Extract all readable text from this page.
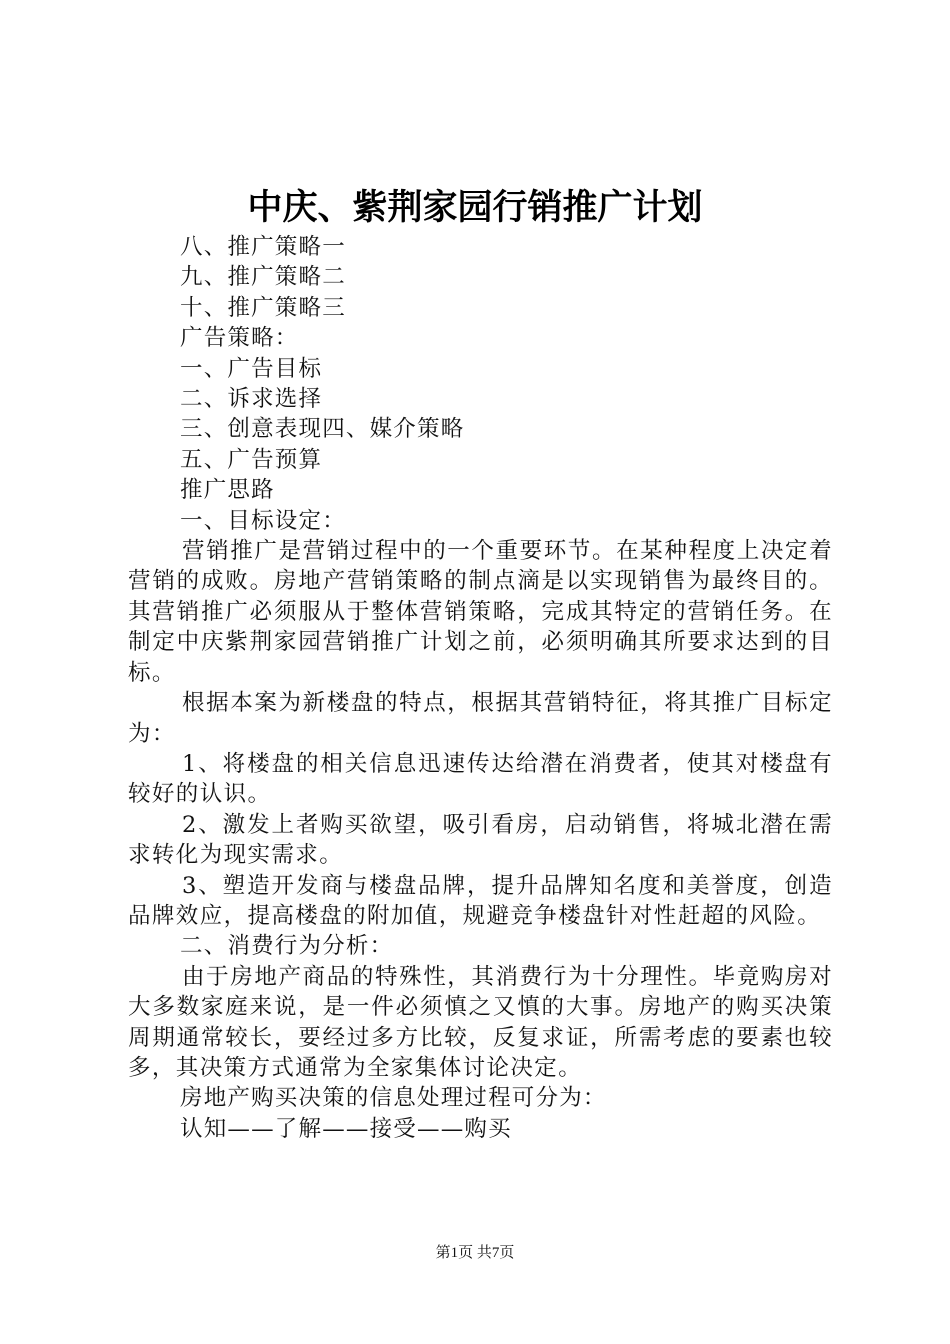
中庆、紫荆家园行销推广计划
八、推广策略一
九、推广策略二
十、推广策略三
广告策略：
一、广告目标
二、诉求选择
三、创意表现四、媒介策略
五、广告预算
推广思路
一、目标设定：
营销推广是营销过程中的一个重要环节。在某种程度上决定着营销的成败。房地产营销策略的制点滴是以实现销售为最终目的。其营销推广必须服从于整体营销策略，完成其特定的营销任务。在制定中庆紫荆家园营销推广计划之前，必须明确其所要求达到的目标。
根据本案为新楼盘的特点，根据其营销特征，将其推广目标定为：
1、将楼盘的相关信息迅速传达给潜在消费者，使其对楼盘有较好的认识。
2、激发上者购买欲望，吸引看房，启动销售，将城北潜在需求转化为现实需求。
3、塑造开发商与楼盘品牌，提升品牌知名度和美誉度，创造品牌效应，提高楼盘的附加值，规避竞争楼盘针对性赶超的风险。
二、消费行为分析：
由于房地产商品的特殊性，其消费行为十分理性。毕竟购房对大多数家庭来说，是一件必须慎之又慎的大事。房地产的购买决策周期通常较长，要经过多方比较，反复求证，所需考虑的要素也较多，其决策方式通常为全家集体讨论决定。
房地产购买决策的信息处理过程可分为：
认知——了解——接受——购买
第1页 共7页
